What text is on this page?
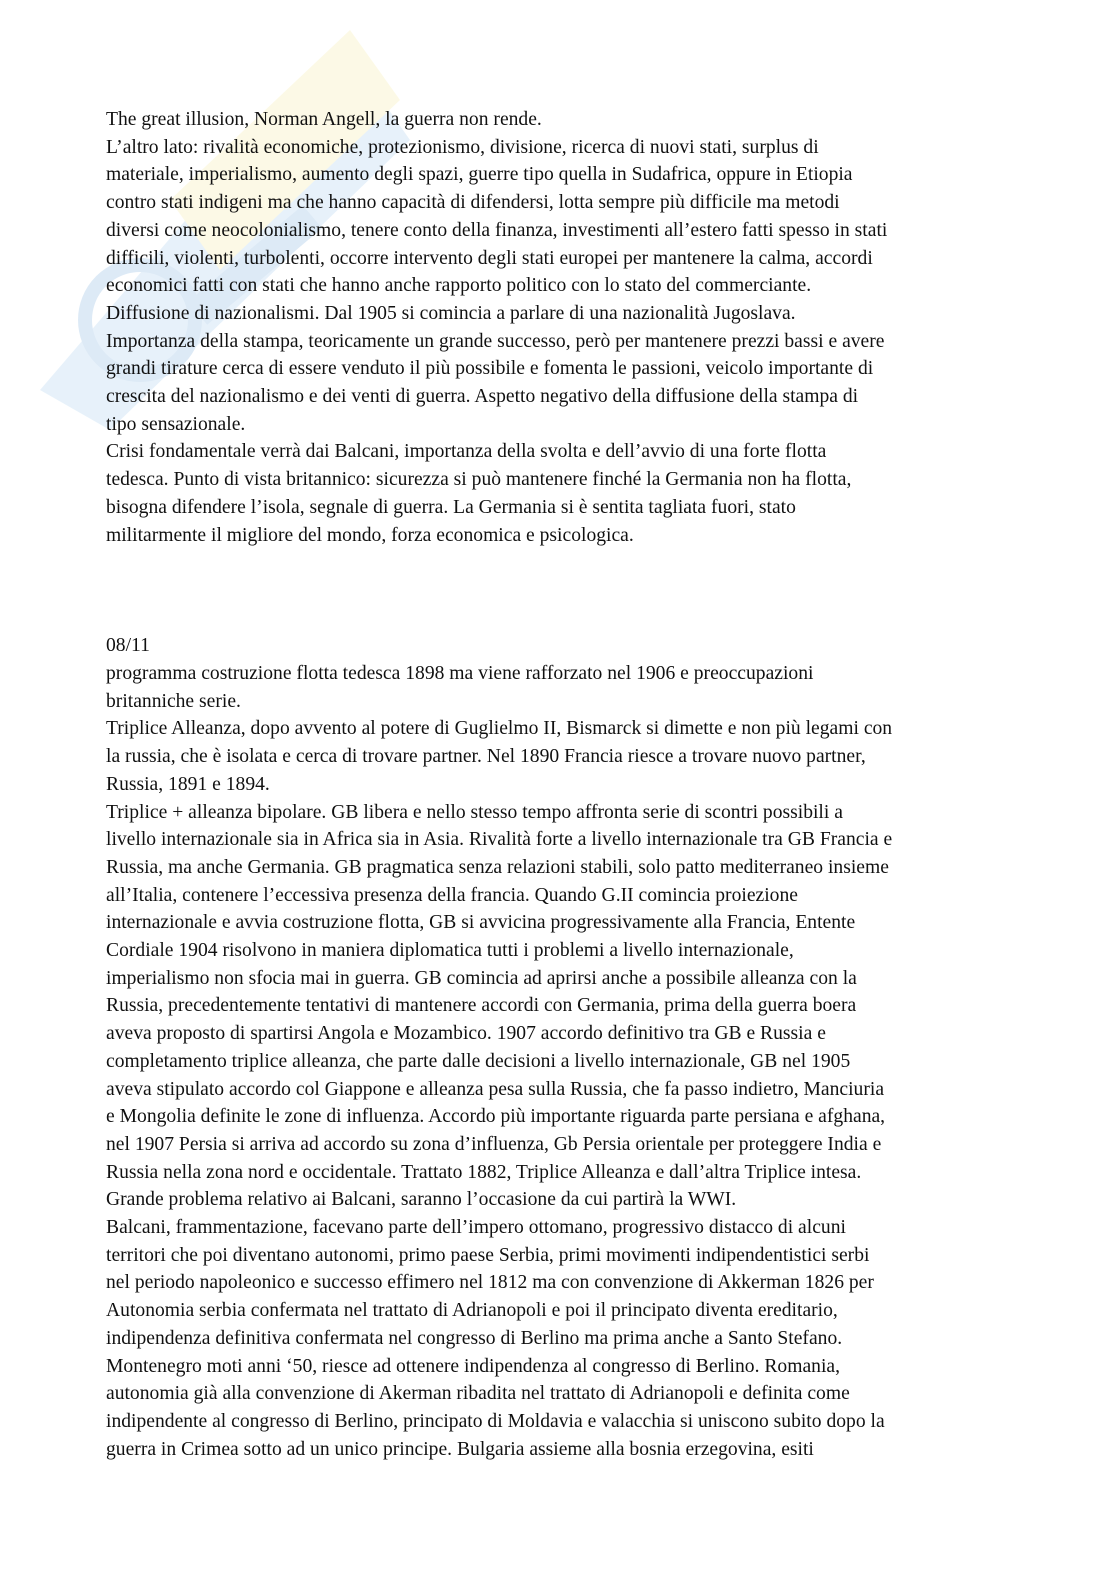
The great illusion, Norman Angell, la guerra non rende.
L’altro lato: rivalità economiche, protezionismo, divisione, ricerca di nuovi stati, surplus di
materiale, imperialismo, aumento degli spazi, guerre tipo quella in Sudafrica, oppure in Etiopia
contro stati indigeni ma che hanno capacità di difendersi, lotta sempre più difficile ma metodi
diversi come neocolonialismo, tenere conto della finanza, investimenti all’estero fatti spesso in stati
difficili, violenti, turbolenti, occorre intervento degli stati europei per mantenere la calma, accordi
economici fatti con stati che hanno anche rapporto politico con lo stato del commerciante.
Diffusione di nazionalismi. Dal 1905 si comincia a parlare di una nazionalità Jugoslava.
Importanza della stampa, teoricamente un grande successo, però per mantenere prezzi bassi e avere
grandi tirature cerca di essere venduto il più possibile e fomenta le passioni, veicolo importante di
crescita del nazionalismo e dei venti di guerra. Aspetto negativo della diffusione della stampa di
tipo sensazionale.
Crisi fondamentale verrà dai Balcani, importanza della svolta e dell’avvio di una forte flotta
tedesca. Punto di vista britannico: sicurezza si può mantenere finché la Germania non ha flotta,
bisogna difendere l’isola, segnale di guerra. La Germania si è sentita tagliata fuori, stato
militarmente il migliore del mondo, forza economica e psicologica.
08/11
programma costruzione flotta tedesca 1898 ma viene rafforzato nel 1906 e preoccupazioni
britanniche serie.
Triplice Alleanza, dopo avvento al potere di Guglielmo II, Bismarck si dimette e non più legami con
la russia, che è isolata e cerca di trovare partner. Nel 1890 Francia riesce a trovare nuovo partner,
Russia, 1891 e 1894.
Triplice + alleanza bipolare. GB libera e nello stesso tempo affronta serie di scontri possibili a
livello internazionale sia in Africa sia in Asia. Rivalità forte a livello internazionale tra GB Francia e
Russia, ma anche Germania. GB pragmatica senza relazioni stabili, solo patto mediterraneo insieme
all’Italia, contenere l’eccessiva presenza della francia. Quando G.II comincia proiezione
internazionale e avvia costruzione flotta, GB si avvicina progressivamente alla Francia, Entente
Cordiale 1904 risolvono in maniera diplomatica tutti i problemi a livello internazionale,
imperialismo non sfocia mai in guerra. GB comincia ad aprirsi anche a possibile alleanza con la
Russia, precedentemente tentativi di mantenere accordi con Germania, prima della guerra boera
aveva proposto di spartirsi Angola e Mozambico. 1907 accordo definitivo tra GB e Russia e
completamento triplice alleanza, che parte dalle decisioni a livello internazionale, GB nel 1905
aveva stipulato accordo col Giappone e alleanza pesa sulla Russia, che fa passo indietro, Manciuria
e Mongolia definite le zone di influenza. Accordo più importante riguarda parte persiana e afghana,
nel 1907 Persia si arriva ad accordo su zona d’influenza, Gb Persia orientale per proteggere India e
Russia nella zona nord e occidentale. Trattato 1882, Triplice Alleanza e dall’altra Triplice intesa.
Grande problema relativo ai Balcani, saranno l’occasione da cui partirà la WWI.
Balcani, frammentazione, facevano parte dell’impero ottomano, progressivo distacco di alcuni
territori che poi diventano autonomi, primo paese Serbia, primi movimenti indipendentistici serbi
nel periodo napoleonico e successo effimero nel 1812 ma con convenzione di Akkerman 1826 per
Autonomia serbia confermata nel trattato di Adrianopoli e poi il principato diventa ereditario,
indipendenza definitiva confermata nel congresso di Berlino ma prima anche a Santo Stefano.
Montenegro moti anni ‘50, riesce ad ottenere indipendenza al congresso di Berlino. Romania,
autonomia già alla convenzione di Akerman ribadita nel trattato di Adrianopoli e definita come
indipendente al congresso di Berlino, principato di Moldavia e valacchia si uniscono subito dopo la
guerra in Crimea sotto ad un unico principe. Bulgaria assieme alla bosnia erzegovina, esiti
